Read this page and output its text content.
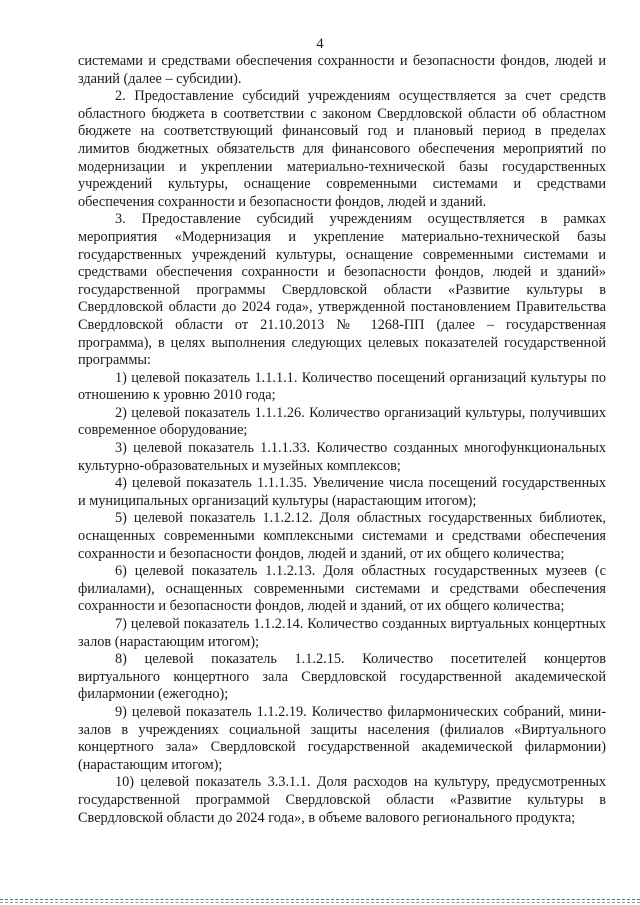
4

системами и средствами обеспечения сохранности и безопасности фондов, людей и зданий (далее – субсидии).

2. Предоставление субсидий учреждениям осуществляется за счет средств областного бюджета в соответствии с законом Свердловской области об областном бюджете на соответствующий финансовый год и плановый период в пределах лимитов бюджетных обязательств для финансового обеспечения мероприятий по модернизации и укреплении материально-технической базы государственных учреждений культуры, оснащение современными системами и средствами обеспечения сохранности и безопасности фондов, людей и зданий.

3. Предоставление субсидий учреждениям осуществляется в рамках мероприятия «Модернизация и укрепление материально-технической базы государственных учреждений культуры, оснащение современными системами и средствами обеспечения сохранности и безопасности фондов, людей и зданий» государственной программы Свердловской области «Развитие культуры в Свердловской области до 2024 года», утвержденной постановлением Правительства Свердловской области от 21.10.2013 № 1268-ПП (далее – государственная программа), в целях выполнения следующих целевых показателей государственной программы:

1) целевой показатель 1.1.1.1. Количество посещений организаций культуры по отношению к уровню 2010 года;

2) целевой показатель 1.1.1.26. Количество организаций культуры, получивших современное оборудование;

3) целевой показатель 1.1.1.33. Количество созданных многофункциональных культурно-образовательных и музейных комплексов;

4) целевой показатель 1.1.1.35. Увеличение числа посещений государственных и муниципальных организаций культуры (нарастающим итогом);

5) целевой показатель 1.1.2.12. Доля областных государственных библиотек, оснащенных современными комплексными системами и средствами обеспечения сохранности и безопасности фондов, людей и зданий, от их общего количества;

6) целевой показатель 1.1.2.13. Доля областных государственных музеев (с филиалами), оснащенных современными системами и средствами обеспечения сохранности и безопасности фондов, людей и зданий, от их общего количества;

7) целевой показатель 1.1.2.14. Количество созданных виртуальных концертных залов (нарастающим итогом);

8) целевой показатель 1.1.2.15. Количество посетителей концертов виртуального концертного зала Свердловской государственной академической филармонии (ежегодно);

9) целевой показатель 1.1.2.19. Количество филармонических собраний, мини-залов в учреждениях социальной защиты населения (филиалов «Виртуального концертного зала» Свердловской государственной академической филармонии) (нарастающим итогом);

10) целевой показатель 3.3.1.1. Доля расходов на культуру, предусмотренных государственной программой Свердловской области «Развитие культуры в Свердловской области до 2024 года», в объеме валового регионального продукта;
